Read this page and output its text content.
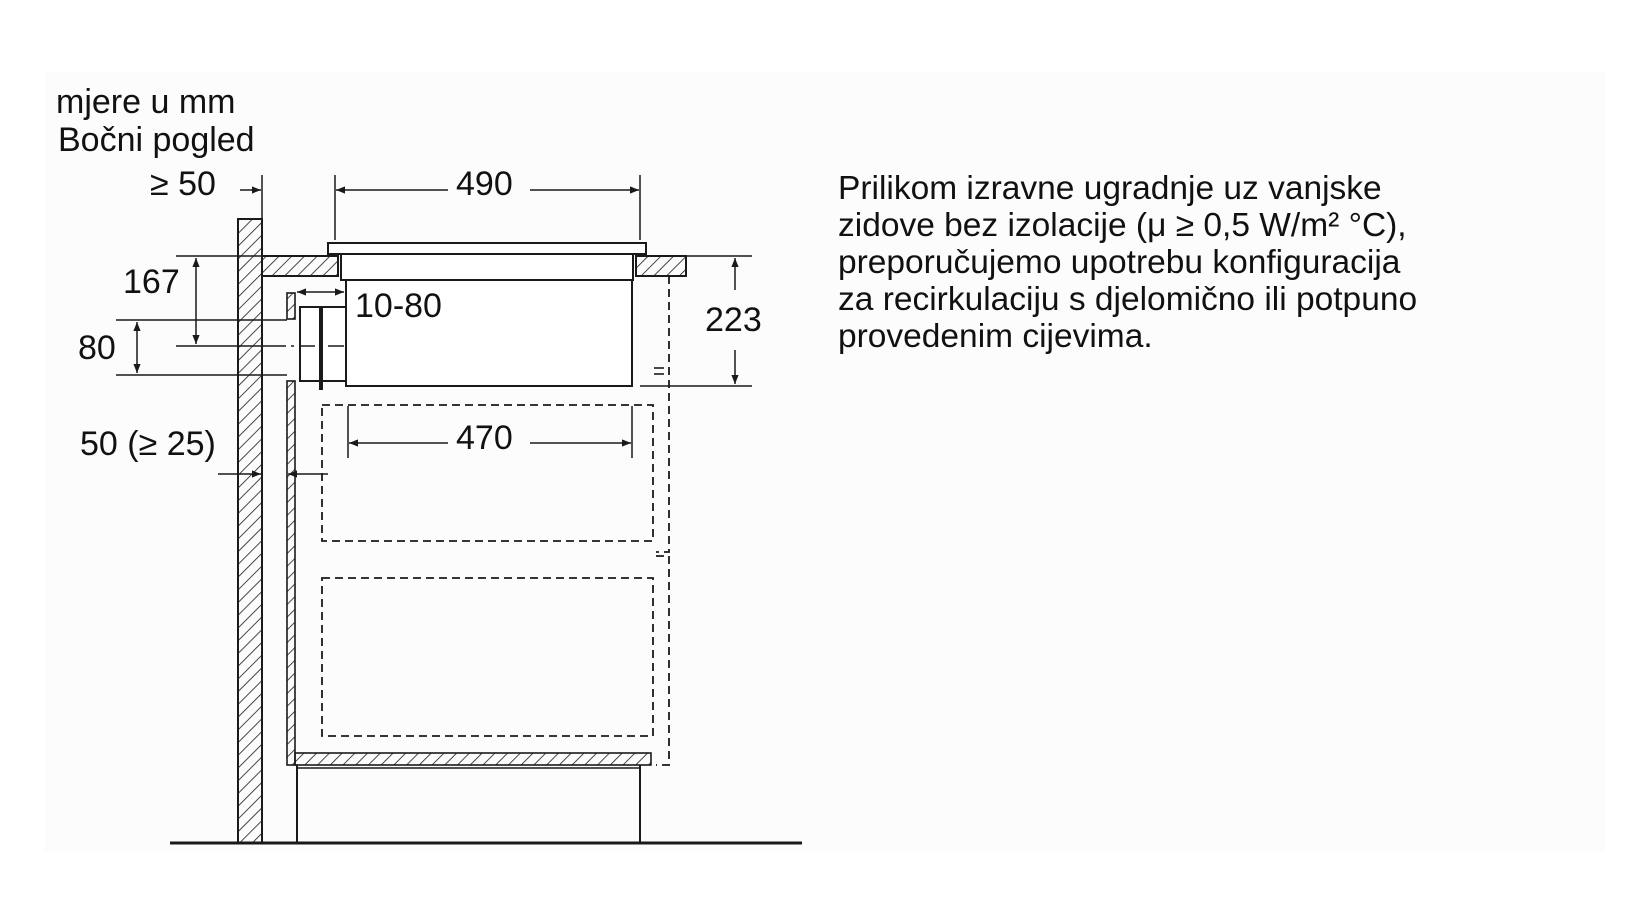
mjere u mm
Bočni pogled
≥ 50	490
167
80
10-80	223
470
50 (≥ 25)
Prilikom izravne ugradnje uz vanjske
zidove bez izolacije (μ ≥ 0,5 W/m² °C),
preporučujemo upotrebu konfiguracija
za recirkulaciju s djelomično ili potpuno
provedenim cijevima.
